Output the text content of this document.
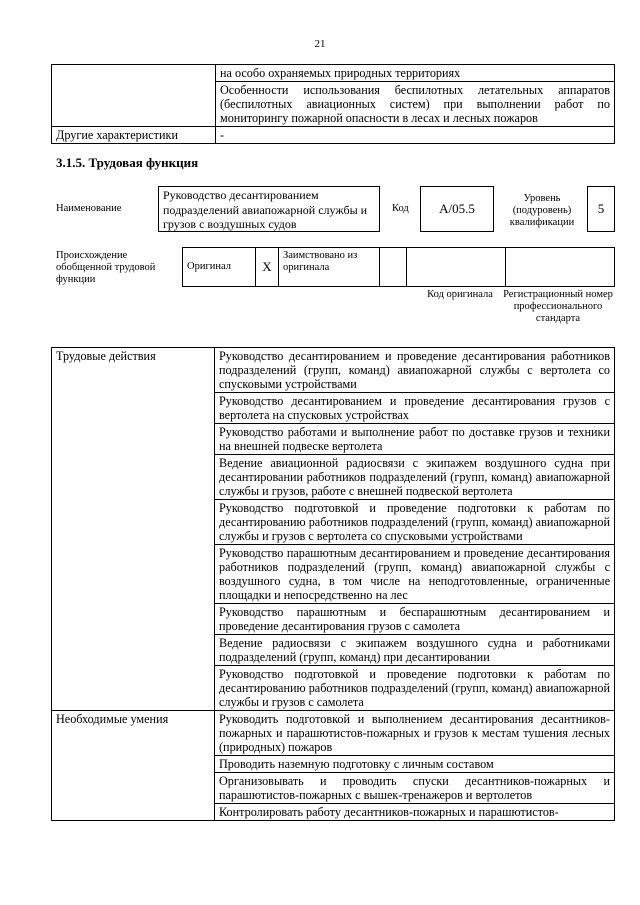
21
	на особо охраняемых природных территориях
	Особенности использования беспилотных летательных аппаратов (беспилотных авиационных систем) при выполнении работ по мониторингу пожарной опасности в лесах и лесных пожаров
Другие характеристики	-
3.1.5. Трудовая функция
Наименование
Руководство десантированием подразделений авиапожарной службы и грузов с воздушных судов
Код	А/05.5
Уровень (подуровень) квалификации
5
Происхождение обобщенной трудовой функции
Оригинал	Х	Заимствовано из оригинала			
Код оригинала Регистрационный номер профессионального стандарта
Трудовые действия	Руководство десантированием и проведение десантирования работников подразделений (групп, команд) авиапожарной службы с вертолета со спусковыми устройствами
	Руководство десантированием и проведение десантирования грузов с вертолета на спусковых устройствах
	Руководство работами и выполнение работ по доставке грузов и техники на внешней подвеске вертолета
	Ведение авиационной радиосвязи с экипажем воздушного судна при десантировании работников подразделений (групп, команд) авиапожарной службы и грузов, работе с внешней подвеской вертолета
	Руководство подготовкой и проведение подготовки к работам по десантированию работников подразделений (групп, команд) авиапожарной службы и грузов с вертолета со спусковыми устройствами
	Руководство парашютным десантированием и проведение десантирования работников подразделений (групп, команд) авиапожарной службы с воздушного судна, в том числе на неподготовленные, ограниченные площадки и непосредственно на лес
	Руководство парашютным и беспарашютным десантированием и проведение десантирования грузов с самолета
	Ведение радиосвязи с экипажем воздушного судна и работниками подразделений (групп, команд) при десантировании
	Руководство подготовкой и проведение подготовки к работам по десантированию работников подразделений (групп, команд) авиапожарной службы и грузов с самолета
Необходимые умения	Руководить подготовкой и выполнением десантирования десантников-пожарных и парашютистов-пожарных и грузов к местам тушения лесных (природных) пожаров
	Проводить наземную подготовку с личным составом
	Организовывать и проводить спуски десантников-пожарных и парашютистов-пожарных с вышек-тренажеров и вертолетов
	Контролировать работу десантников-пожарных и парашютистов-
